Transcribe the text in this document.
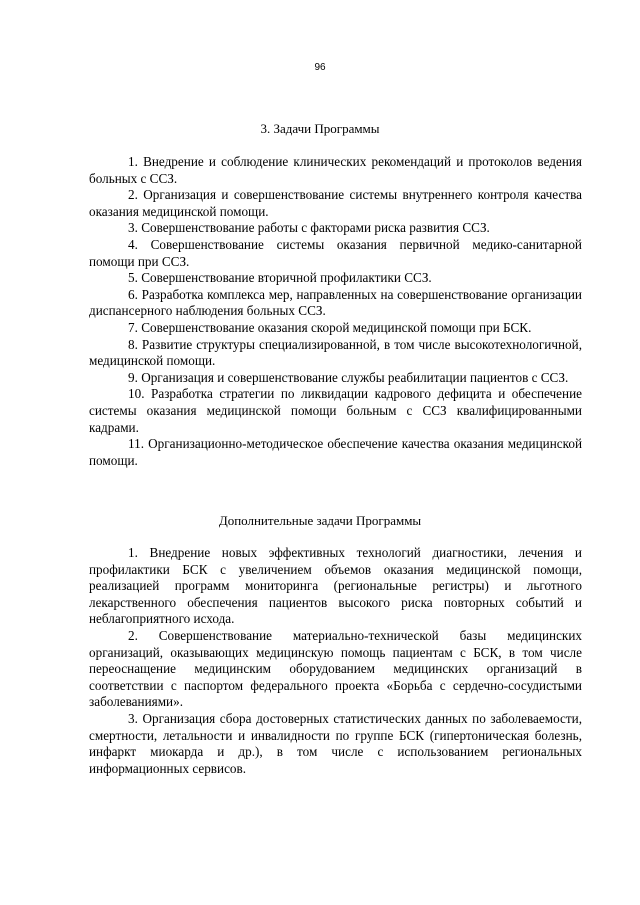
96
3. Задачи Программы

1. Внедрение и соблюдение клинических рекомендаций и протоколов ведения больных с ССЗ.

2. Организация и совершенствование системы внутреннего контроля качества оказания медицинской помощи.

3. Совершенствование работы с факторами риска развития ССЗ.

4. Совершенствование системы оказания первичной медико-санитарной помощи при ССЗ.

5. Совершенствование вторичной профилактики ССЗ.

6. Разработка комплекса мер, направленных на совершенствование организации диспансерного наблюдения больных ССЗ.

7. Совершенствование оказания скорой медицинской помощи при БСК.

8. Развитие структуры специализированной, в том числе высокотехнологичной, медицинской помощи.

9. Организация и совершенствование службы реабилитации пациентов с ССЗ.

10. Разработка стратегии по ликвидации кадрового дефицита и обеспечение системы оказания медицинской помощи больным с ССЗ квалифицированными кадрами.

11. Организационно-методическое обеспечение качества оказания медицинской помощи.

Дополнительные задачи Программы

1. Внедрение новых эффективных технологий диагностики, лечения и профилактики БСК с увеличением объемов оказания медицинской помощи, реализацией программ мониторинга (региональные регистры) и льготного лекарственного обеспечения пациентов высокого риска повторных событий и неблагоприятного исхода.

2. Совершенствование материально-технической базы медицинских организаций, оказывающих медицинскую помощь пациентам с БСК, в том числе переоснащение медицинским оборудованием медицинских организаций в соответствии с паспортом федерального проекта «Борьба с сердечно-сосудистыми заболеваниями».

3. Организация сбора достоверных статистических данных по заболеваемости, смертности, летальности и инвалидности по группе БСК (гипертоническая болезнь, инфаркт миокарда и др.), в том числе с использованием региональных информационных сервисов.
